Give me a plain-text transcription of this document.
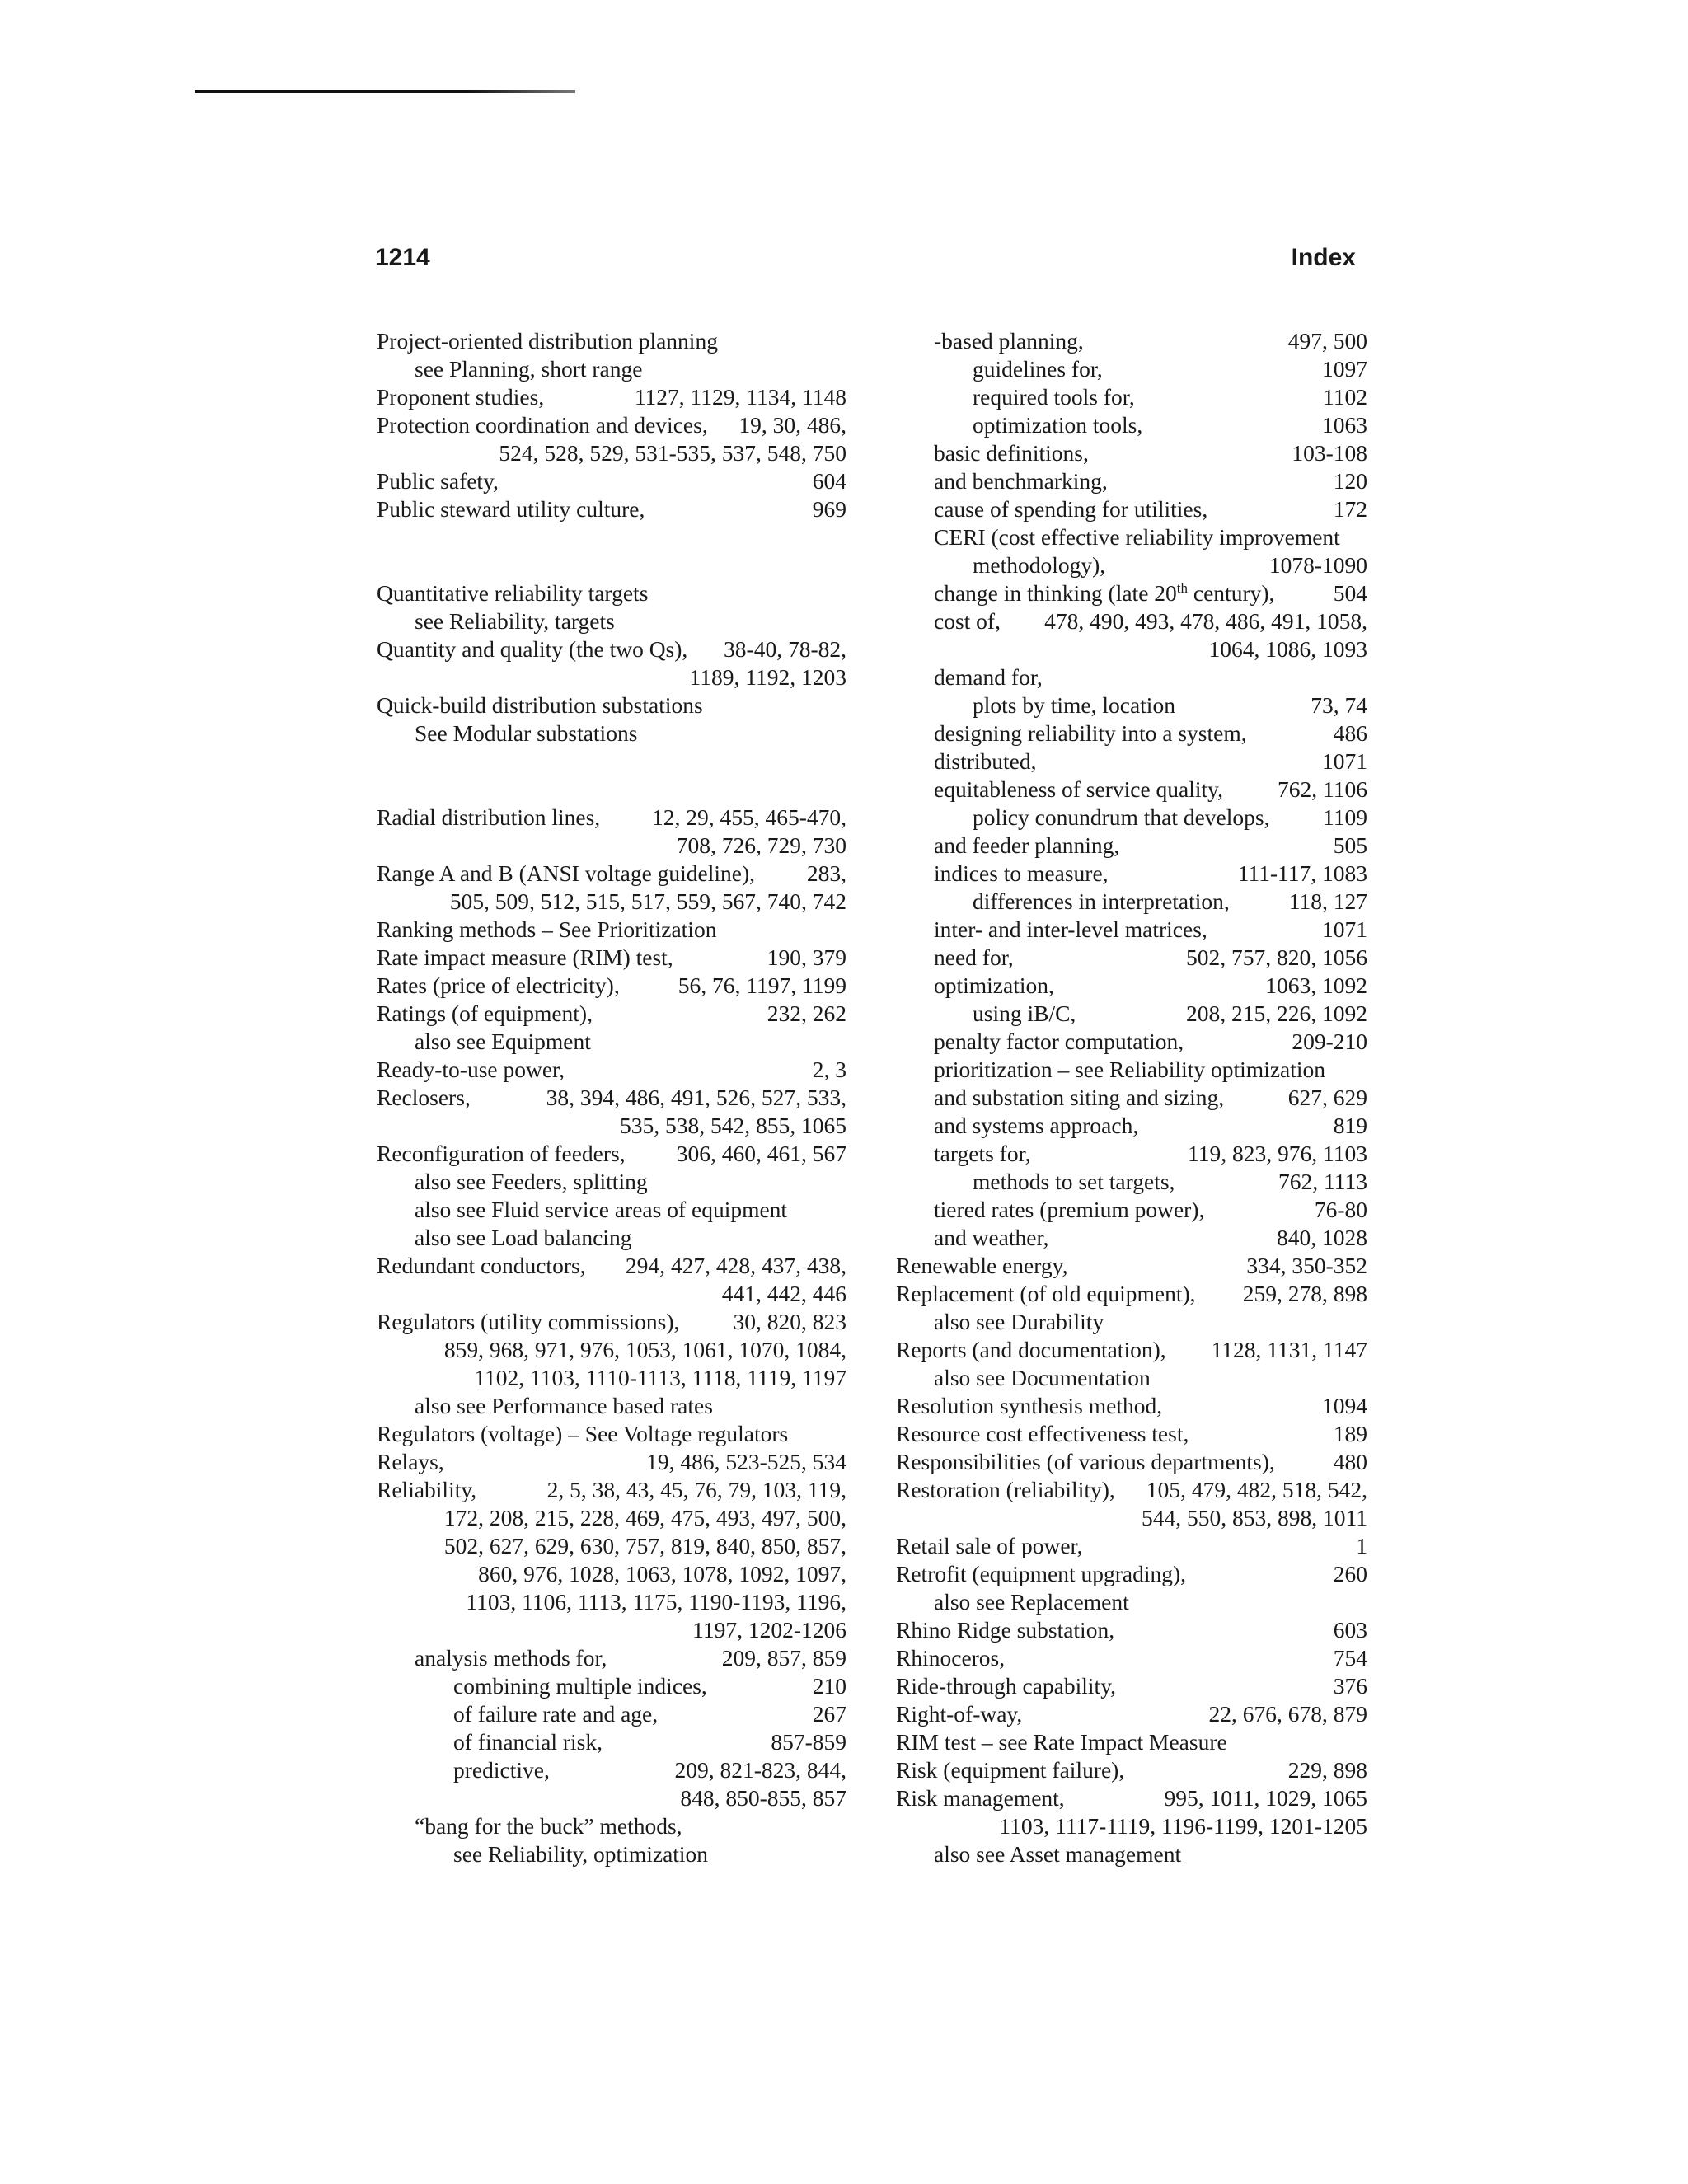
1214	Index
Project-oriented distribution planning
see Planning, short range
Proponent studies,	1127, 1129, 1134, 1148
Protection coordination and devices, 19, 30, 486,
524, 528, 529, 531-535, 537, 548, 750
Public safety,	604
Public steward utility culture,	969
Quantitative reliability targets
see Reliability, targets
Quantity and quality (the two Qs), 38-40, 78-82,
1189, 1192, 1203
Quick-build distribution substations
See Modular substations
Radial distribution lines, 12, 29, 455, 465-470,
708, 726, 729, 730
Range A and B (ANSI voltage guideline), 283,
505, 509, 512, 515, 517, 559, 567, 740, 742
Ranking methods – See Prioritization
Rate impact measure (RIM) test,	190, 379
Rates (price of electricity),	56, 76, 1197, 1199
Ratings (of equipment),	232, 262
also see Equipment
Ready-to-use power,	2, 3
Reclosers,	38, 394, 486, 491, 526, 527, 533,
535, 538, 542, 855, 1065
Reconfiguration of feeders, 306, 460, 461, 567
also see Feeders, splitting
also see Fluid service areas of equipment
also see Load balancing
Redundant conductors, 294, 427, 428, 437, 438,
441, 442, 446
Regulators (utility commissions), 30, 820, 823
859, 968, 971, 976, 1053, 1061, 1070, 1084,
1102, 1103, 1110-1113, 1118, 1119, 1197
also see Performance based rates
Regulators (voltage) – See Voltage regulators
Relays,	19, 486, 523-525, 534
Reliability,	2, 5, 38, 43, 45, 76, 79, 103, 119,
172, 208, 215, 228, 469, 475, 493, 497, 500,
502, 627, 629, 630, 757, 819, 840, 850, 857,
860, 976, 1028, 1063, 1078, 1092, 1097,
1103, 1106, 1113, 1175, 1190-1193, 1196,
1197, 1202-1206
analysis methods for,	209, 857, 859
combining multiple indices,	210
of failure rate and age,	267
of financial risk,	857-859
predictive,	209, 821-823, 844,
848, 850-855, 857
“bang for the buck” methods,
see Reliability, optimization
-based planning,	497, 500
guidelines for,	1097
required tools for,	1102
optimization tools,	1063
basic definitions,	103-108
and benchmarking,	120
cause of spending for utilities,	172
CERI (cost effective reliability improvement
methodology),	1078-1090
change in thinking (late 20th century),	504
cost of, 478, 490, 493, 478, 486, 491, 1058,
1064, 1086, 1093
demand for,
plots by time, location	73, 74
designing reliability into a system,	486
distributed,	1071
equitableness of service quality, 762, 1106
policy conundrum that develops, 1109
and feeder planning,	505
indices to measure,	111-117, 1083
differences in interpretation,	118, 127
inter- and inter-level matrices,	1071
need for,	502, 757, 820, 1056
optimization,	1063, 1092
using iB/C,	208, 215, 226, 1092
penalty factor computation,	209-210
prioritization – see Reliability optimization
and substation siting and sizing,	627, 629
and systems approach,	819
targets for,	119, 823, 976, 1103
methods to set targets,	762, 1113
tiered rates (premium power),	76-80
and weather,	840, 1028
Renewable energy,	334, 350-352
Replacement (of old equipment), 259, 278, 898
also see Durability
Reports (and documentation), 1128, 1131, 1147
also see Documentation
Resolution synthesis method,	1094
Resource cost effectiveness test,	189
Responsibilities (of various departments),	480
Restoration (reliability), 105, 479, 482, 518, 542,
544, 550, 853, 898, 1011
Retail sale of power,	1
Retrofit (equipment upgrading),	260
also see Replacement
Rhino Ridge substation,	603
Rhinoceros,	754
Ride-through capability,	376
Right-of-way,	22, 676, 678, 879
RIM test – see Rate Impact Measure
Risk (equipment failure),	229, 898
Risk management,	995, 1011, 1029, 1065
1103, 1117-1119, 1196-1199, 1201-1205
also see Asset management
